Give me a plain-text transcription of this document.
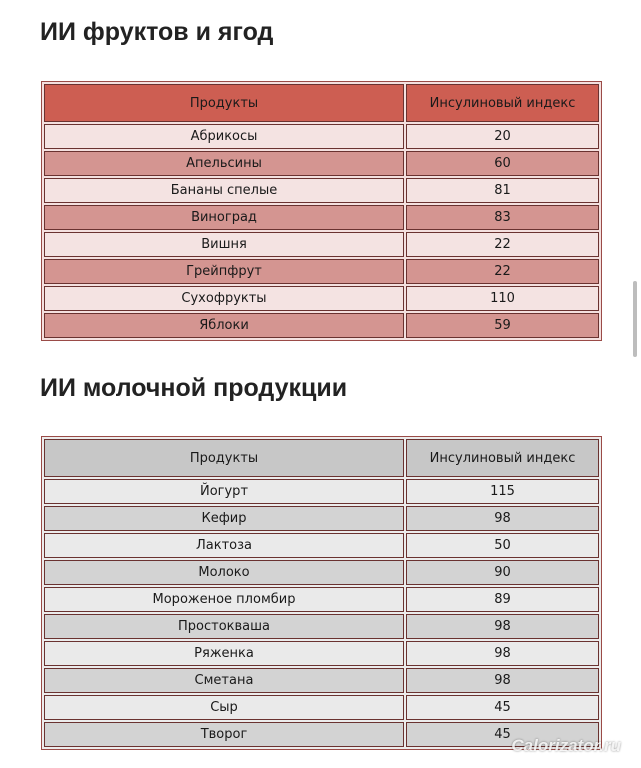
ИИ фруктов и ягод
Продукты	Инсулиновый индекс
Абрикосы	20
Апельсины	60
Бананы спелые	81
Виноград	83
Вишня	22
Грейпфрут	22
Сухофрукты	110
Яблоки	59
ИИ молочной продукции
Продукты	Инсулиновый индекс
Йогурт	115
Кефир	98
Лактоза	50
Молоко	90
Мороженое пломбир	89
Простокваша	98
Ряженка	98
Сметана	98
Сыр	45
Творог	45
Calorizator.ru
